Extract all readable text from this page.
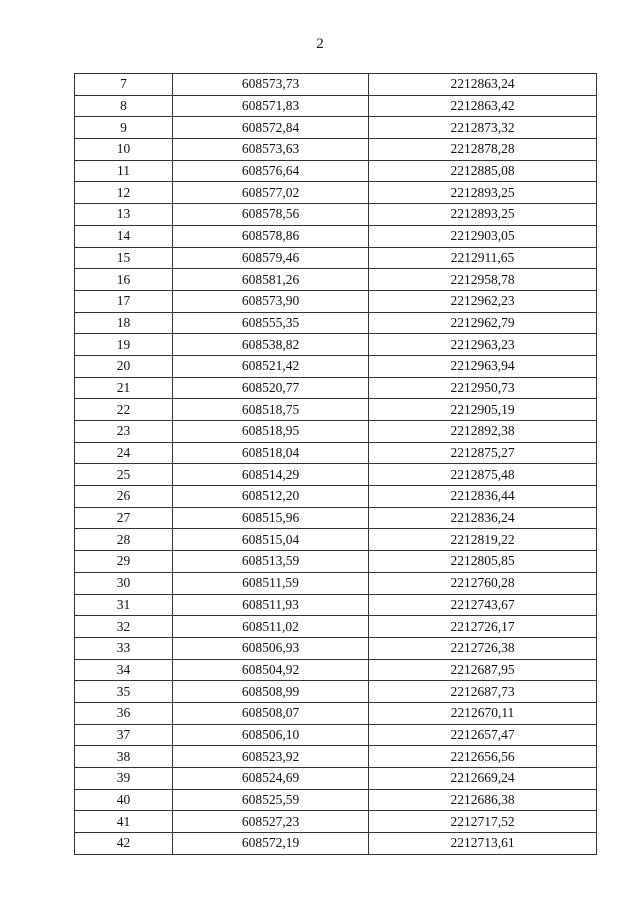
2
7	608573,73	2212863,24
8	608571,83	2212863,42
9	608572,84	2212873,32
10	608573,63	2212878,28
11	608576,64	2212885,08
12	608577,02	2212893,25
13	608578,56	2212893,25
14	608578,86	2212903,05
15	608579,46	2212911,65
16	608581,26	2212958,78
17	608573,90	2212962,23
18	608555,35	2212962,79
19	608538,82	2212963,23
20	608521,42	2212963,94
21	608520,77	2212950,73
22	608518,75	2212905,19
23	608518,95	2212892,38
24	608518,04	2212875,27
25	608514,29	2212875,48
26	608512,20	2212836,44
27	608515,96	2212836,24
28	608515,04	2212819,22
29	608513,59	2212805,85
30	608511,59	2212760,28
31	608511,93	2212743,67
32	608511,02	2212726,17
33	608506,93	2212726,38
34	608504,92	2212687,95
35	608508,99	2212687,73
36	608508,07	2212670,11
37	608506,10	2212657,47
38	608523,92	2212656,56
39	608524,69	2212669,24
40	608525,59	2212686,38
41	608527,23	2212717,52
42	608572,19	2212713,61
